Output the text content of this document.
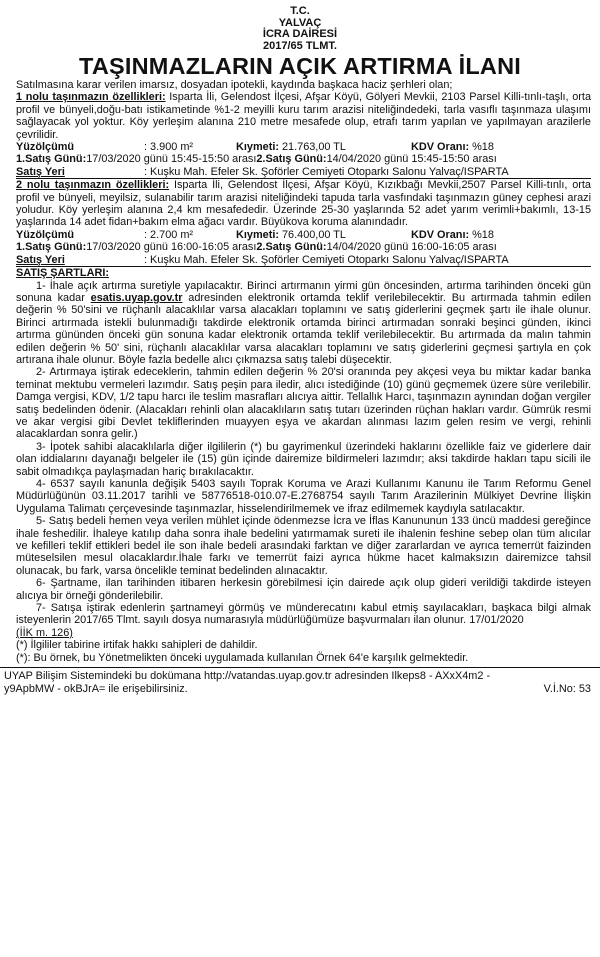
T.C.
YALVAÇ
İCRA DAİRESİ
2017/65 TLMT.
TAŞINMAZLARIN AÇIK ARTIRMA İLANI

Satılmasına karar verilen imarsız, dosyadan ipotekli, kaydında başkaca haciz şerhleri olan;

1 nolu taşınmazın özellikleri: Isparta İli, Gelendost İlçesi, Afşar Köyü, Gölyeri Mevkii, 2103 Parsel Killi-tınlı-taşlı, orta profil ve bünyeli,doğu-batı istikametinde %1-2 meyilli kuru tarım arazisi niteliğindedeki, tarla vasıflı taşınmaza ulaşımı sağlayacak yol yoktur. Köy yerleşim alanına 210 metre mesafede olup, etrafı tarım yapılan ve yapılmayan arazilerle çevrilidir.

Yüzölçümü	: 3.900 m²	Kıymeti: 21.763,00 TL	KDV Oranı: %18
1.Satış Günü: 17/03/2020 günü 15:45-15:50 arası 2.Satış Günü: 14/04/2020 günü 15:45-15:50 arası
Satış Yeri	: Kuşku Mah. Efeler Sk. Şoförler Cemiyeti Otoparkı Salonu Yalvaç/ISPARTA

2 nolu taşınmazın özellikleri: Isparta İli, Gelendost İlçesi, Afşar Köyü, Kızıkbağı Mevkii,2507 Parsel Killi-tınlı, orta profil ve bünyeli, meyilsiz, sulanabilir tarım arazisi niteliğindeki tapuda tarla vasfındaki taşınmazın güney cephesi arazi yoludur. Köy yerleşim alanına 2,4 km mesafededir. Üzerinde 25-30 yaşlarında 52 adet yarım verimli+bakımlı, 13-15 yaşlarında 14 adet fidan+bakım elma ağacı vardır. Büyükova koruma alanındadır.

Yüzölçümü	: 2.700 m²	Kıymeti: 76.400,00 TL	KDV Oranı: %18
1.Satış Günü: 17/03/2020 günü 16:00-16:05 arası 2.Satış Günü: 14/04/2020 günü 16:00-16:05 arası
Satış Yeri	: Kuşku Mah. Efeler Sk. Şoförler Cemiyeti Otoparkı Salonu Yalvaç/ISPARTA

SATIŞ ŞARTLARI:

1- İhale açık artırma suretiyle yapılacaktır. Birinci artırmanın yirmi gün öncesinden, artırma tarihinden önceki gün sonuna kadar esatis.uyap.gov.tr adresinden elektronik ortamda teklif verilebilecektir. Bu artırmada tahmin edilen değerin % 50'sini ve rüçhanlı alacaklılar varsa alacakları toplamını ve satış giderlerini geçmek şartı ile ihale olunur. Birinci artırmada istekli bulunmadığı takdirde elektronik ortamda birinci artırmadan sonraki beşinci günden, ikinci artırma gününden önceki gün sonuna kadar elektronik ortamda teklif verilebilecektir. Bu artırmada da malın tahmin edilen değerin % 50' sini, rüçhanlı alacaklılar varsa alacakları toplamını ve satış giderlerini geçmesi şartıyla en çok artırana ihale olunur. Böyle fazla bedelle alıcı çıkmazsa satış talebi düşecektir.

2- Artırmaya iştirak edeceklerin, tahmin edilen değerin % 20'si oranında pey akçesi veya bu miktar kadar banka teminat mektubu vermeleri lazımdır. Satış peşin para iledir, alıcı istediğinde (10) günü geçmemek üzere süre verilebilir. Damga vergisi, KDV, 1/2 tapu harcı ile teslim masrafları alıcıya aittir. Tellallık Harcı, taşınmazın aynından doğan vergiler satış bedelinden ödenir. (Alacakları rehinli olan alacaklıların satış tutarı üzerinden rüçhan hakları vardır. Gümrük resmi ve akar vergisi gibi Devlet tekliflerinden muayyen eşya ve akardan alınması lazım gelen resim ve vergi, rehinli alacaklardan sonra gelir.)

3- İpotek sahibi alacaklılarla diğer ilgililerin (*) bu gayrimenkul üzerindeki haklarını özellikle faiz ve giderlere dair olan iddialarını dayanağı belgeler ile (15) gün içinde dairemize bildirmeleri lazımdır; aksi takdirde hakları tapu sicili ile sabit olmadıkça paylaşmadan hariç bırakılacaktır.

4- 6537 sayılı kanunla değişik 5403 sayılı Toprak Koruma ve Arazi Kullanımı Kanunu ile Tarım Reformu Genel Müdürlüğünün 03.11.2017 tarihli ve 58776518-010.07-E.2768754 sayılı Tarım Arazilerinin Mülkiyet Devrine İlişkin Uygulama Talimatı çerçevesinde taşınmazlar, hisselendirilmemek ve ifraz edilmemek kaydıyla satılacaktır.

5- Satış bedeli hemen veya verilen mühlet içinde ödenmezse İcra ve İflas Kanununun 133 üncü maddesi gereğince ihale feshedilir. İhaleye katılıp daha sonra ihale bedelini yatırmamak sureti ile ihalenin feshine sebep olan tüm alıcılar ve kefilleri teklif ettikleri bedel ile son ihale bedeli arasındaki farktan ve diğer zararlardan ve ayrıca temerrüt faizinden müteselsilen mesul olacaklardır.İhale farkı ve temerrüt faizi ayrıca hükme hacet kalmaksızın dairemizce tahsil olunacak, bu fark, varsa öncelikle teminat bedelinden alınacaktır.

6- Şartname, ilan tarihinden itibaren herkesin görebilmesi için dairede açık olup gideri verildiği takdirde isteyen alıcıya bir örneği gönderilebilir.

7- Satışa iştirak edenlerin şartnameyi görmüş ve münderecatını kabul etmiş sayılacakları, başkaca bilgi almak isteyenlerin 2017/65 Tlmt. sayılı dosya numarasıyla müdürlüğümüze başvurmaları ilan olunur. 17/01/2020

(İİK m. 126)

(*) İlgililer tabirine irtifak hakkı sahipleri de dahildir.

(*): Bu örnek, bu Yönetmelikten önceki uygulamada kullanılan Örnek 64'e karşılık gelmektedir.

UYAP Bilişim Sistemindeki bu dokümana http://vatandas.uyap.gov.tr adresinden Ilkeps8 - AXxX4m2 -

y9ApbMW - okBJrA= ile erişebilirsiniz.	V.İ.No: 53
